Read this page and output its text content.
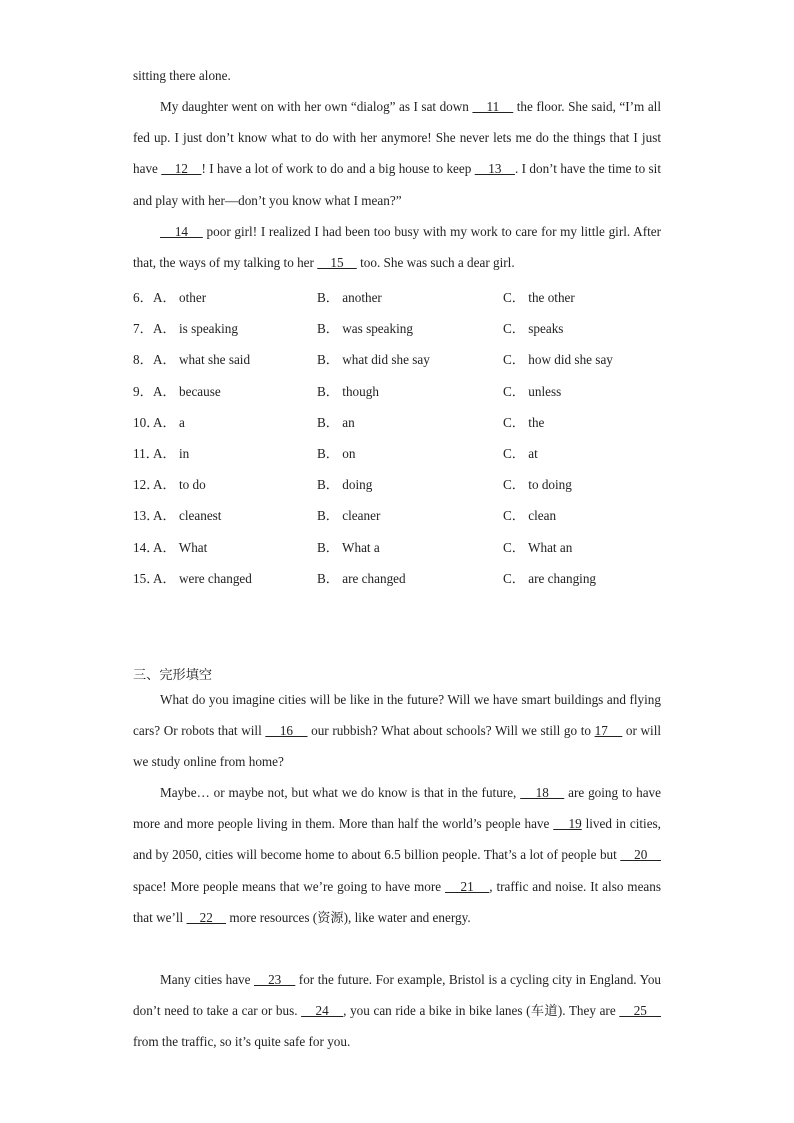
sitting there alone.

My daughter went on with her own “dialog” as I sat down     11     the floor. She said, “I’m all fed up. I just don’t know what to do with her anymore! She never lets me do the things that I just have     12    ! I have a lot of work to do and a big house to keep     13    . I don’t have the time to sit and play with her—don’t you know what I mean?”

14     poor girl! I realized I had been too busy with my work to care for my little girl. After that, the ways of my talking to her     15     too. She was such a dear girl.

6． A． other	B． another	C． the other
7． A． is speaking	B． was speaking	C． speaks
8． A． what she said	B． what did she say	C． how did she say
9． A． because	B． though	C． unless
10．
A． a	B． an	C． the
11．
A． in	B． on	C． at
12．
A． to do	B． doing	C． to doing
13．
A． cleanest	B． cleaner	C． clean
14．
A． What	B． What a	C． What an
15．
A． were changed	B． are changed	C． are changing
三、完形填空

What do you imagine cities will be like in the future? Will we have smart buildings and flying cars? Or robots that will     16     our rubbish? What about schools? Will we still go to 17     or will we study online from home?

Maybe… or maybe not, but what we do know is that in the future,     18     are going to have more and more people living in them. More than half the world’s people have     19 lived in cities, and by 2050, cities will become home to about 6.5 billion people. That’s a lot of people but     20     space! More people means that we’re going to have more     21    , traffic and noise. It also means that we’ll     22     more resources (资源), like water and energy.

Many cities have     23     for the future. For example, Bristol is a cycling city in England. You don’t need to take a car or bus.     24    , you can ride a bike in bike lanes (车道). They are     25     from the traffic, so it’s quite safe for you.
